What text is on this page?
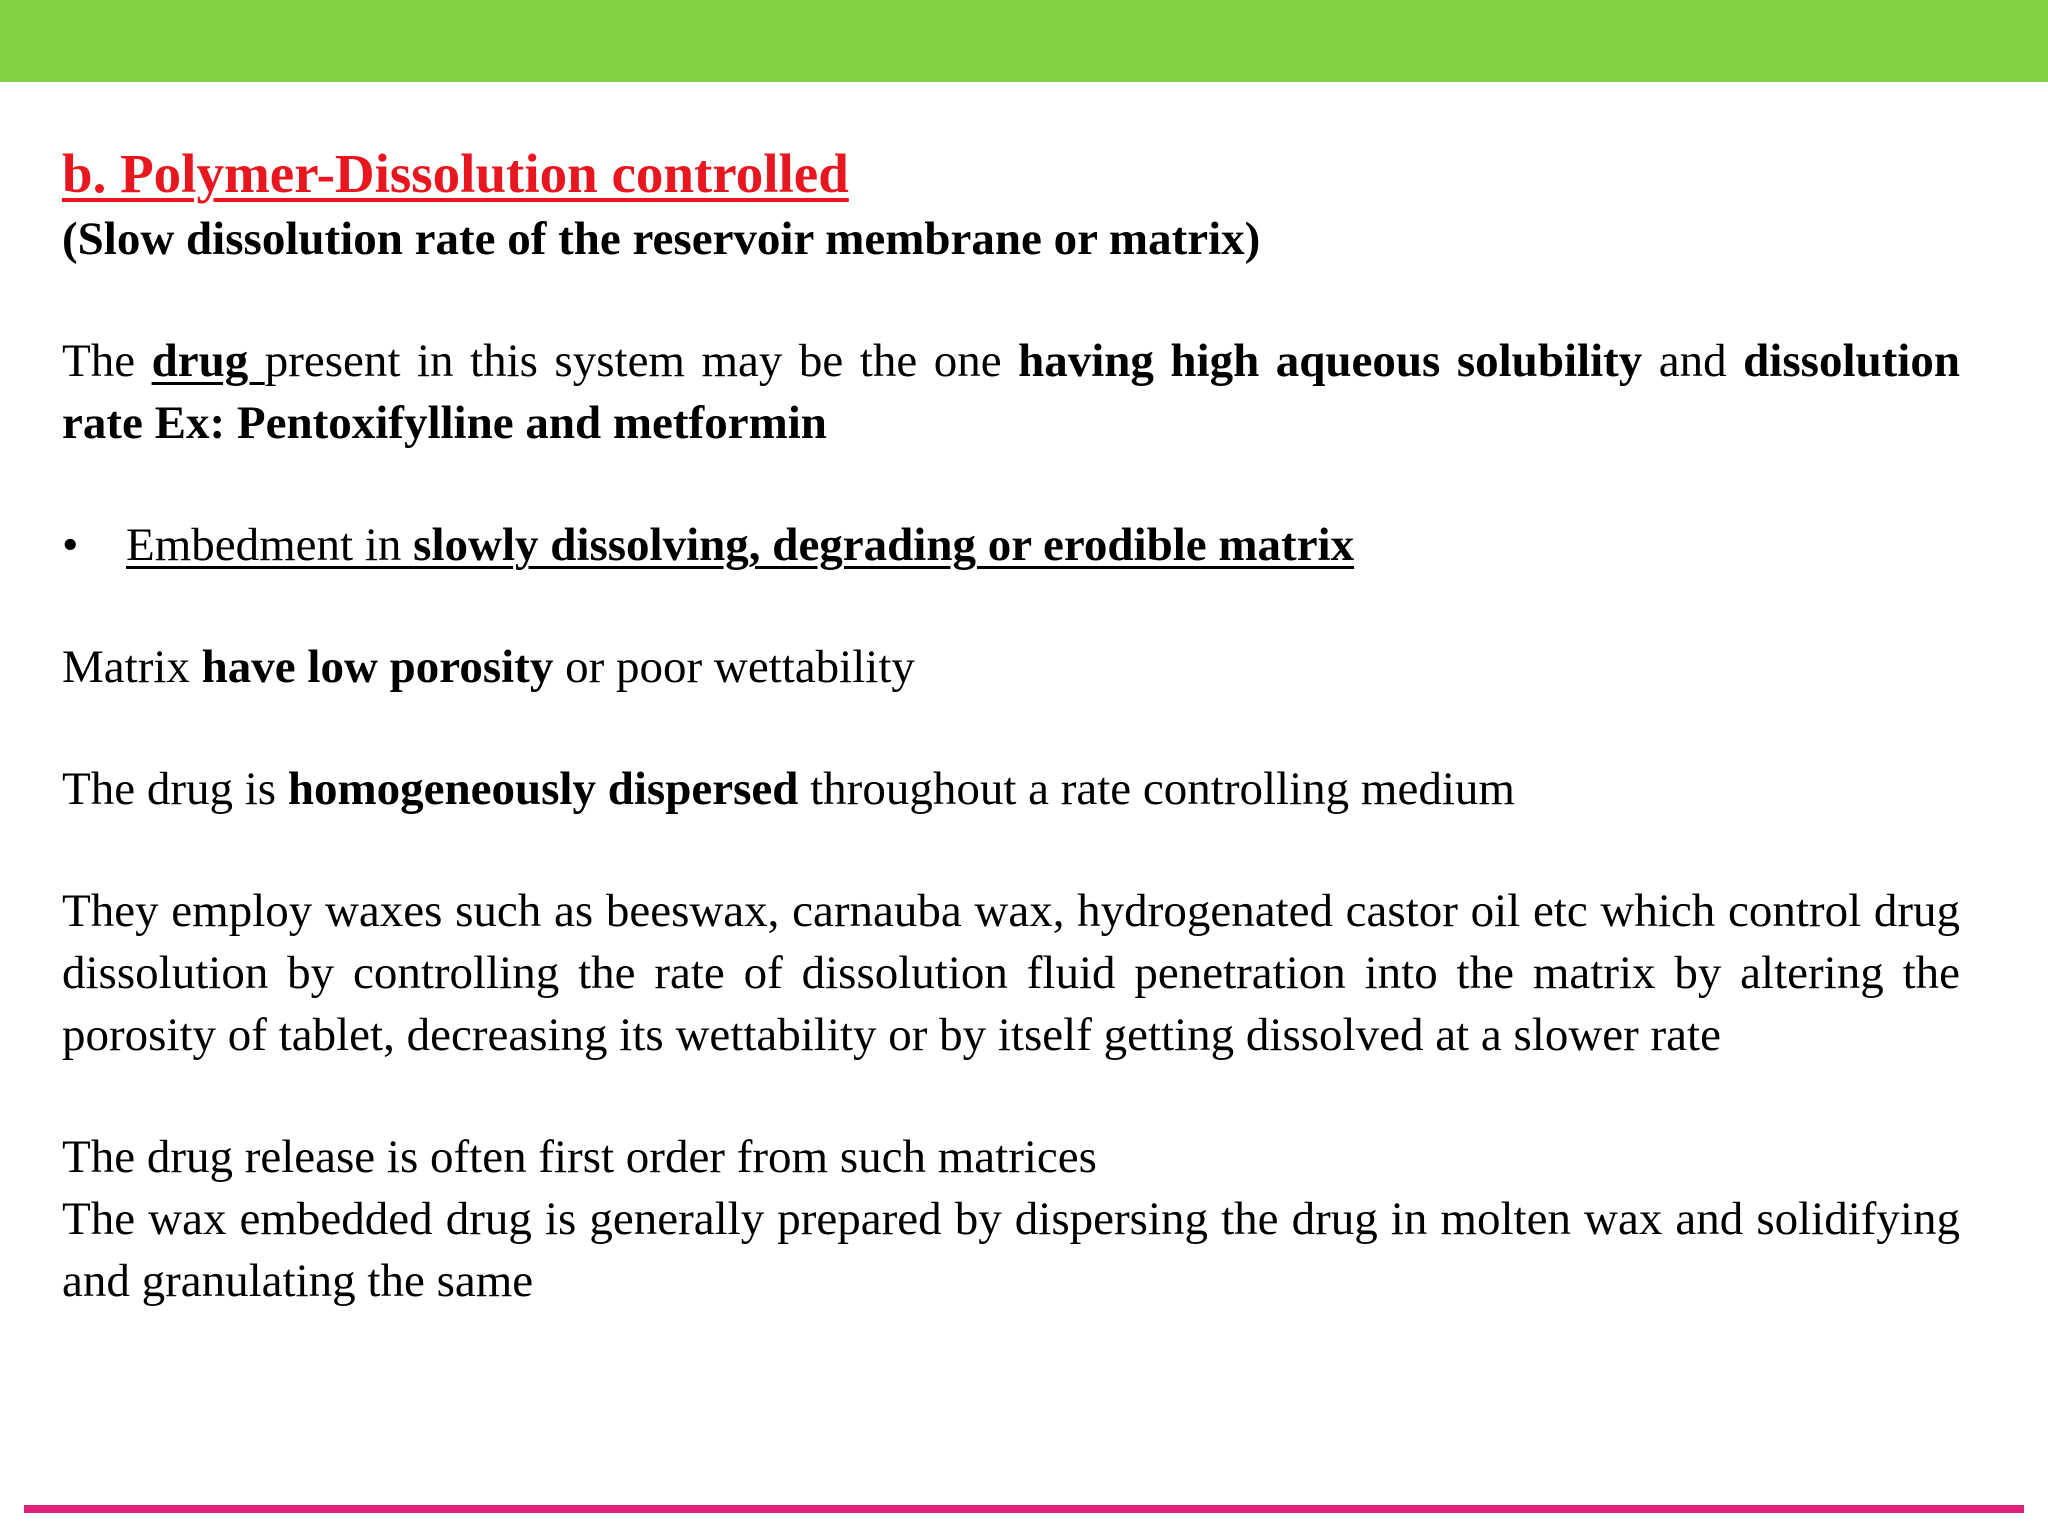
b. Polymer-Dissolution controlled

(Slow dissolution rate of the reservoir membrane or matrix)

The drug present in this system may be the one having high aqueous solubility and dissolution rate Ex: Pentoxifylline and metformin

•	Embedment in slowly dissolving, degrading or erodible matrix

Matrix have low porosity or poor wettability

The drug is homogeneously dispersed throughout a rate controlling medium

They employ waxes such as beeswax, carnauba wax, hydrogenated castor oil etc which control drug dissolution by controlling the rate of dissolution fluid penetration into the matrix by altering the porosity of tablet, decreasing its wettability or by itself getting dissolved at a slower rate

The drug release is often first order from such matrices

The wax embedded drug is generally prepared by dispersing the drug in molten wax and solidifying and granulating the same
